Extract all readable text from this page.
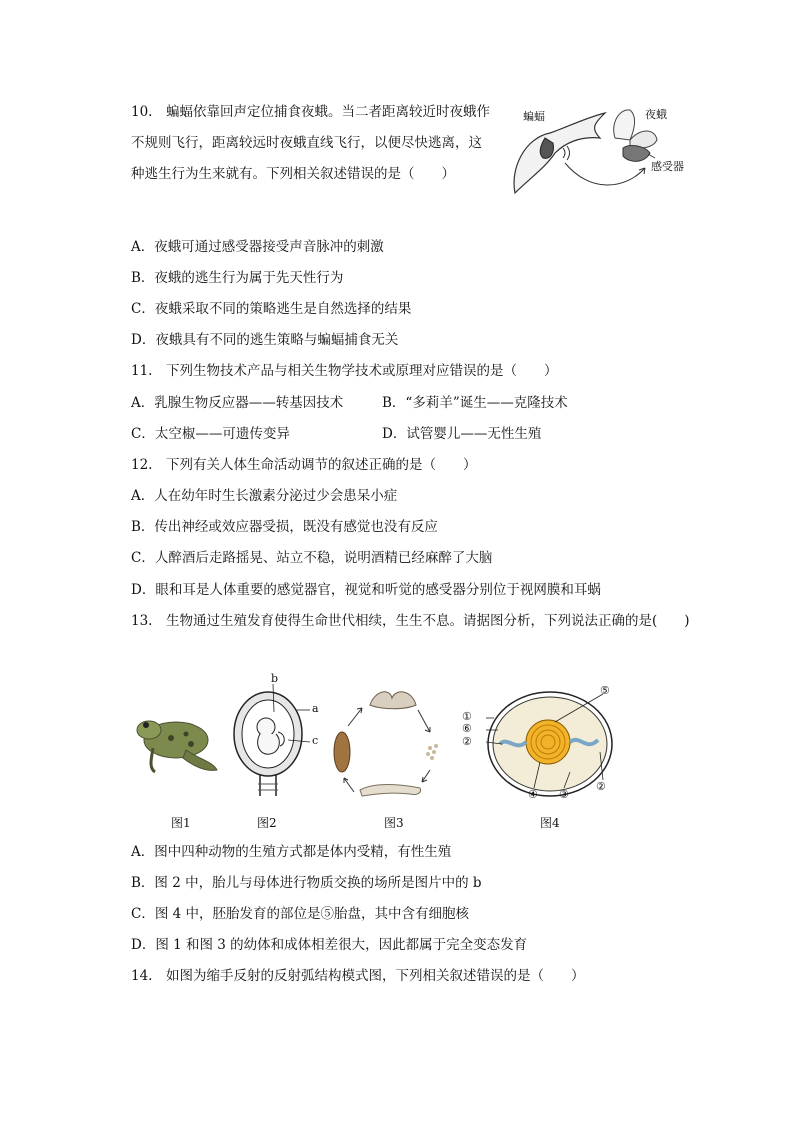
10.　蝙蝠依靠回声定位捕食夜蛾。当二者距离较近时夜蛾作
不规则飞行，距离较远时夜蛾直线飞行，以便尽快逃离，这
种逃生行为生来就有。下列相关叙述错误的是（　　）
蝙蝠	夜蛾
感受器
A．夜蛾可通过感受器接受声音脉冲的刺激
B．夜蛾的逃生行为属于先天性行为
C．夜蛾采取不同的策略逃生是自然选择的结果
D．夜蛾具有不同的逃生策略与蝙蝠捕食无关
11.　下列生物技术产品与相关生物学技术或原理对应错误的是（　　）
A．乳腺生物反应器——转基因技术	B．“多莉羊”诞生——克隆技术
C．太空椒——可遗传变异	D．试管婴儿——无性生殖
12.　下列有关人体生命活动调节的叙述正确的是（　　）
A．人在幼年时生长激素分泌过少会患呆小症
B．传出神经或效应器受损，既没有感觉也没有反应
C．人醉酒后走路摇晃、站立不稳，说明酒精已经麻醉了大脑
D．眼和耳是人体重要的感觉器官，视觉和听觉的感受器分别位于视网膜和耳蜗
13.　生物通过生殖发育使得生命世代相续，生生不息。请据图分析，下列说法正确的是(　　)
b
a
c
①
⑥
②
⑤
②
④ ③
图1	图2	图3	图4
A．图中四种动物的生殖方式都是体内受精，有性生殖
B．图 2 中，胎儿与母体进行物质交换的场所是图片中的 b
C．图 4 中，胚胎发育的部位是⑤胎盘，其中含有细胞核
D．图 1 和图 3 的幼体和成体相差很大，因此都属于完全变态发育
14.　如图为缩手反射的反射弧结构模式图，下列相关叙述错误的是（　　）
